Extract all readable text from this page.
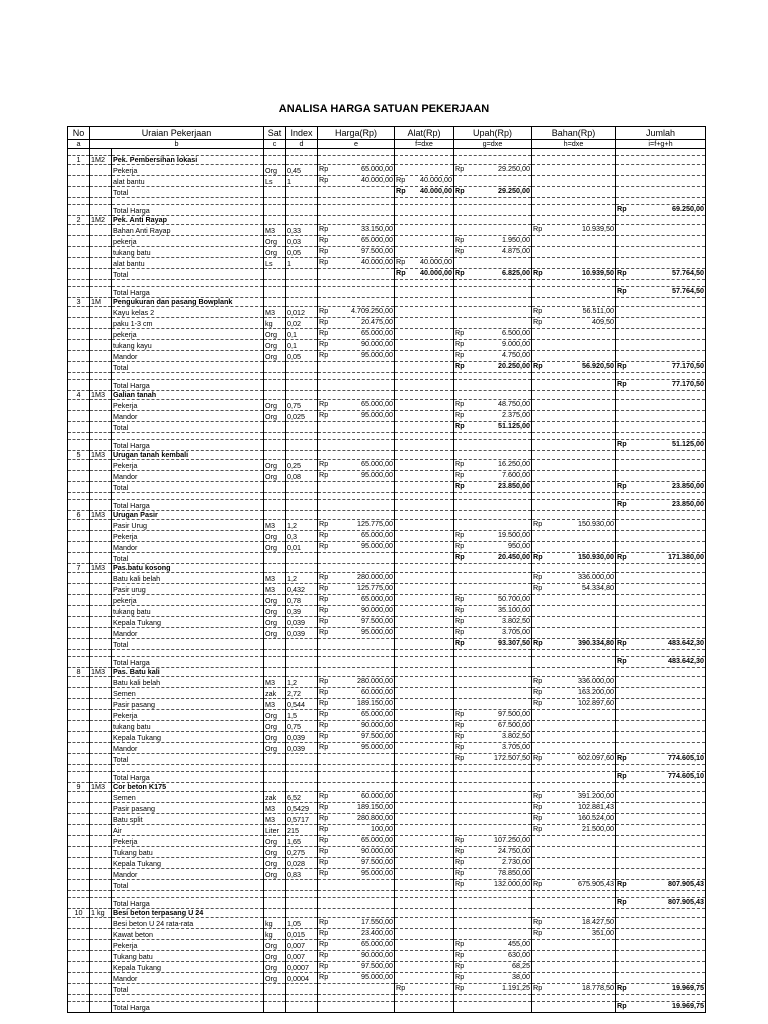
ANALISA HARGA SATUAN PEKERJAAN
No	Uraian Pekerjaan		Sat	Index	Harga(Rp)	Alat(Rp)	Upah(Rp)	Bahan(Rp)	Jumlah
a	b		c	d	e	f=dxe	g=dxe	h=dxe	i=f+g+h

1	1M2	Pek. Pembersihan lokasi							
		Pekerja	Org	0,45	Rp 65.000,00		Rp 29.250,00		

		alat bantu	Ls	1	Rp 40.000,00	Rp 40.000,00			

		Total				Rp 40.000,00	Rp 29.250,00		

		Total Harga							Rp 69.250,00

2	1M2	Pek. Anti Rayap							
		Bahan Anti Rayap	M3	0,33	Rp 33.150,00			Rp 10.939,50	

		pekerja	Org	0,03	Rp 65.000,00		Rp 1.950,00		

		tukang batu	Org	0,05	Rp 97.500,00		Rp 4.875,00		

		alat bantu	Ls	1	Rp 40.000,00	Rp 40.000,00			

		Total				Rp 40.000,00	Rp 6.825,00	Rp 10.939,50	Rp 57.764,50

		Total Harga							Rp 57.764,50

3	1M	Pengukuran dan pasang Bowplank							
		Kayu kelas 2	M3	0,012	Rp 4.709.250,00			Rp 56.511,00	

		paku 1-3 cm	kg	0,02	Rp 20.475,00			Rp 409,50	

		pekerja	Org	0,1	Rp 65.000,00		Rp 6.500,00		

		tukang kayu	Org	0,1	Rp 90.000,00		Rp 9.000,00		

		Mandor	Org	0,05	Rp 95.000,00		Rp 4.750,00		

		Total					Rp 20.250,00	Rp 56.920,50	Rp 77.170,50

		Total Harga							Rp 77.170,50

4	1M3	Galian tanah							
		Pekerja	Org	0,75	Rp 65.000,00		Rp 48.750,00		

		Mandor	Org	0,025	Rp 95.000,00		Rp 2.375,00		

		Total					Rp 51.125,00		

		Total Harga							Rp 51.125,00

5	1M3	Urugan tanah kembali							
		Pekerja	Org	0,25	Rp 65.000,00		Rp 16.250,00		

		Mandor	Org	0,08	Rp 95.000,00		Rp 7.600,00		

		Total					Rp 23.850,00		Rp 23.850,00

		Total Harga							Rp 23.850,00

6	1M3	Urugan Pasir							
		Pasir Urug	M3	1,2	Rp 125.775,00			Rp 150.930,00	

		Pekerja	Org	0,3	Rp 65.000,00		Rp 19.500,00		

		Mandor	Org	0,01	Rp 95.000,00		Rp 950,00		

		Total					Rp 20.450,00	Rp 150.930,00	Rp 171.380,00

7	1M3	Pas.batu kosong							
		Batu kali belah	M3	1,2	Rp 280.000,00			Rp 336.000,00	

		Pasir urug	M3	0,432	Rp 125.775,00			Rp 54.334,80	

		pekerja	Org	0,78	Rp 65.000,00		Rp 50.700,00		

		tukang batu	Org	0,39	Rp 90.000,00		Rp 35.100,00		

		Kepala Tukang	Org	0,039	Rp 97.500,00		Rp 3.802,50		

		Mandor	Org	0,039	Rp 95.000,00		Rp 3.705,00		

		Total					Rp 93.307,50	Rp 390.334,80	Rp 483.642,30

		Total Harga							Rp 483.642,30

8	1M3	Pas. Batu kali							
		Batu kali belah	M3	1,2	Rp 280.000,00			Rp 336.000,00	

		Semen	zak	2,72	Rp 60.000,00			Rp 163.200,00	

		Pasir pasang	M3	0,544	Rp 189.150,00			Rp 102.897,60	

		Pekerja	Org	1,5	Rp 65.000,00		Rp 97.500,00		

		tukang batu	Org	0,75	Rp 90.000,00		Rp 67.500,00		

		Kepala Tukang	Org	0,039	Rp 97.500,00		Rp 3.802,50		

		Mandor	Org	0,039	Rp 95.000,00		Rp 3.705,00		

		Total					Rp 172.507,50	Rp 602.097,60	Rp 774.605,10

		Total Harga							Rp 774.605,10

9	1M3	Cor beton K175							
		Semen	zak	6,52	Rp 60.000,00			Rp 391.200,00	

		Pasir pasang	M3	0,5429	Rp 189.150,00			Rp 102.881,43	

		Batu split	M3	0,5717	Rp 280.800,00			Rp 160.524,00	

		Air	Liter	215	Rp 100,00			Rp 21.500,00	

		Pekerja	Org	1,65	Rp 65.000,00		Rp 107.250,00		

		Tukang batu	Org	0,275	Rp 90.000,00		Rp 24.750,00		

		Kepala Tukang	Org	0,028	Rp 97.500,00		Rp 2.730,00		

		Mandor	Org	0,83	Rp 95.000,00		Rp 78.850,00		

		Total					Rp 132.000,00	Rp 675.905,43	Rp 807.905,43

		Total Harga							Rp 807.905,43

10	1 kg	Besi beton terpasang U 24							
		Besi beton U 24 rata-rata	kg	1,05	Rp 17.550,00			Rp 18.427,50	

		Kawat beton	kg	0,015	Rp 23.400,00			Rp 351,00	

		Pekerja	Org	0,007	Rp 65.000,00		Rp 455,00		

		Tukang batu	Org	0,007	Rp 90.000,00		Rp 630,00		

		Kepala Tukang	Org	0,0007	Rp 97.500,00		Rp 68,25		

		Mandor	Org	0,0004	Rp 95.000,00		Rp 38,00		

		Total				Rp	Rp 1.191,25	Rp 18.778,50	Rp 19.969,75

		Total Harga							Rp 19.969,75
